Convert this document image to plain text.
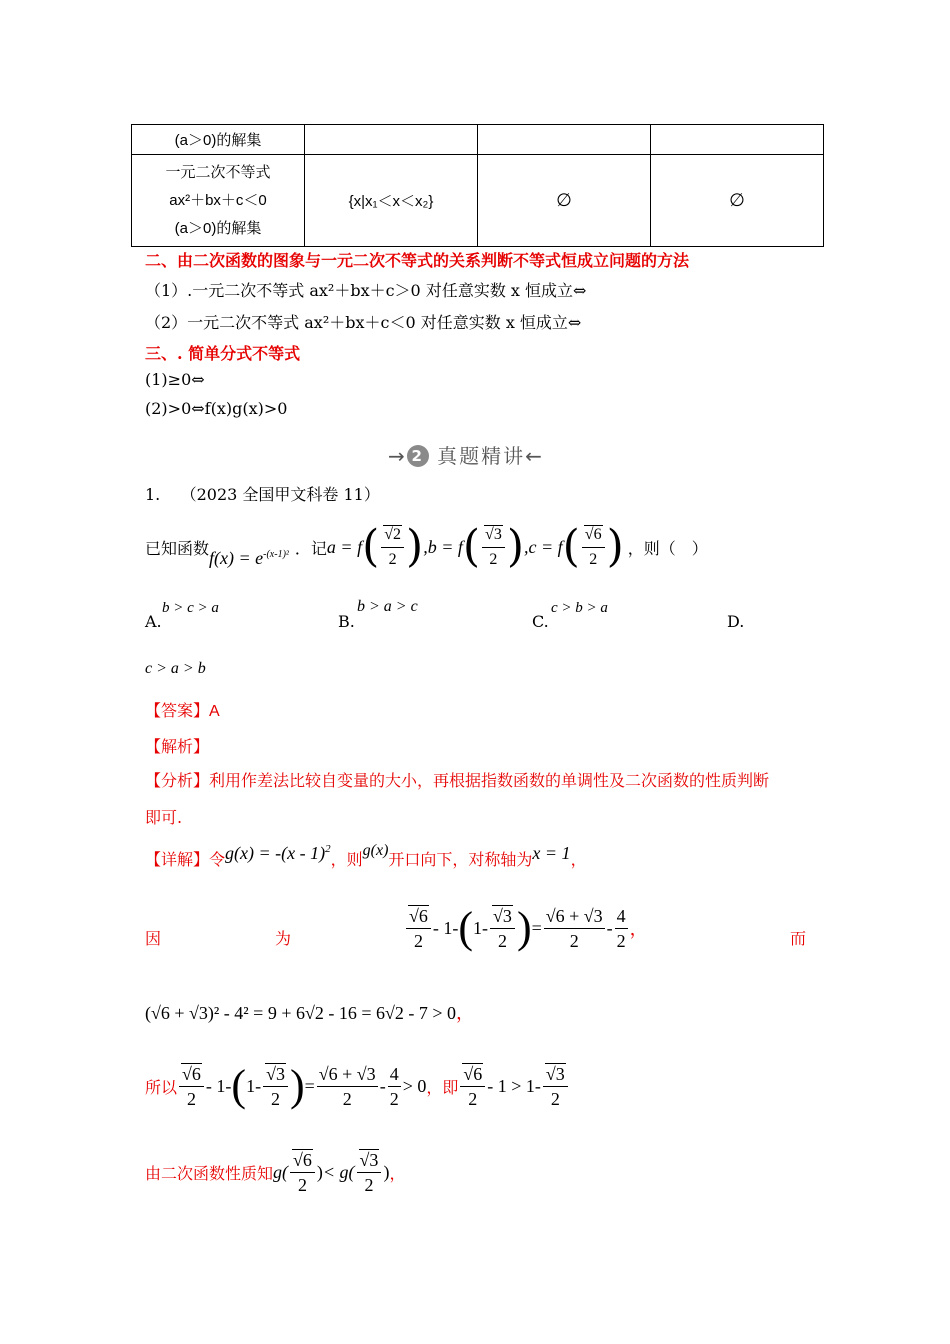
(a＞0)的解集			

一元二次不等式
ax²＋bx＋c＜0
(a＞0)的解集	{x|x₁＜x＜x₂}	∅	∅
二、由二次函数的图象与一元二次不等式的关系判断不等式恒成立问题的方法
（1）.一元二次不等式 ax²＋bx＋c＞0 对任意实数 x 恒成立⇔
（2）一元二次不等式 ax²＋bx＋c＜0 对任意实数 x 恒成立⇔
三、. 简单分式不等式
(1)≥0⇔
(2)>0⇔f(x)g(x)>0
→ 2 真题精讲←
1. （2023 全国甲文科卷 11）
已知函数 $f(x) = e^{-(x-1)^2}$ ．记 a = f ( $\frac{√2}{2}$ ) ,b = f ( $\frac{√3}{2}$ ) ,c = f ( $\frac{√6}{2}$ ) ，则（　）
A.
b > c > a
B.
b > a > c
C.
c > b > a
D.
c > a > b
【答案】A
【解析】
【分析】利用作差法比较自变量的大小，再根据指数函数的单调性及二次函数的性质判断
即可.
【详解】 令 g(x) = -(x - 1)$^2$
，则 g(x) 开口向下，对称轴为 x = 1 ，
因	为	而
$\frac{√6}{2} - 1-$ ( $1- \frac{√3}{2}$ ) = $\frac{√6 + √3}{2} - \frac{4}{2}$ ，
(√6 + √3)² - 4² = 9 + 6√2 - 16 = 6√2 - 7 > 0，
所以 $\frac{√6}{2} - 1-$ ( $1- \frac{√3}{2}$ ) = $\frac{√6 + √3}{2} - \frac{4}{2} > 0$ ，即 $\frac{√6}{2} - 1 > 1- \frac{√3}{2}$
由二次函数性质知 $g( \frac{√6}{2}$ ) < $g( \frac{√3}{2}$ ) ，
